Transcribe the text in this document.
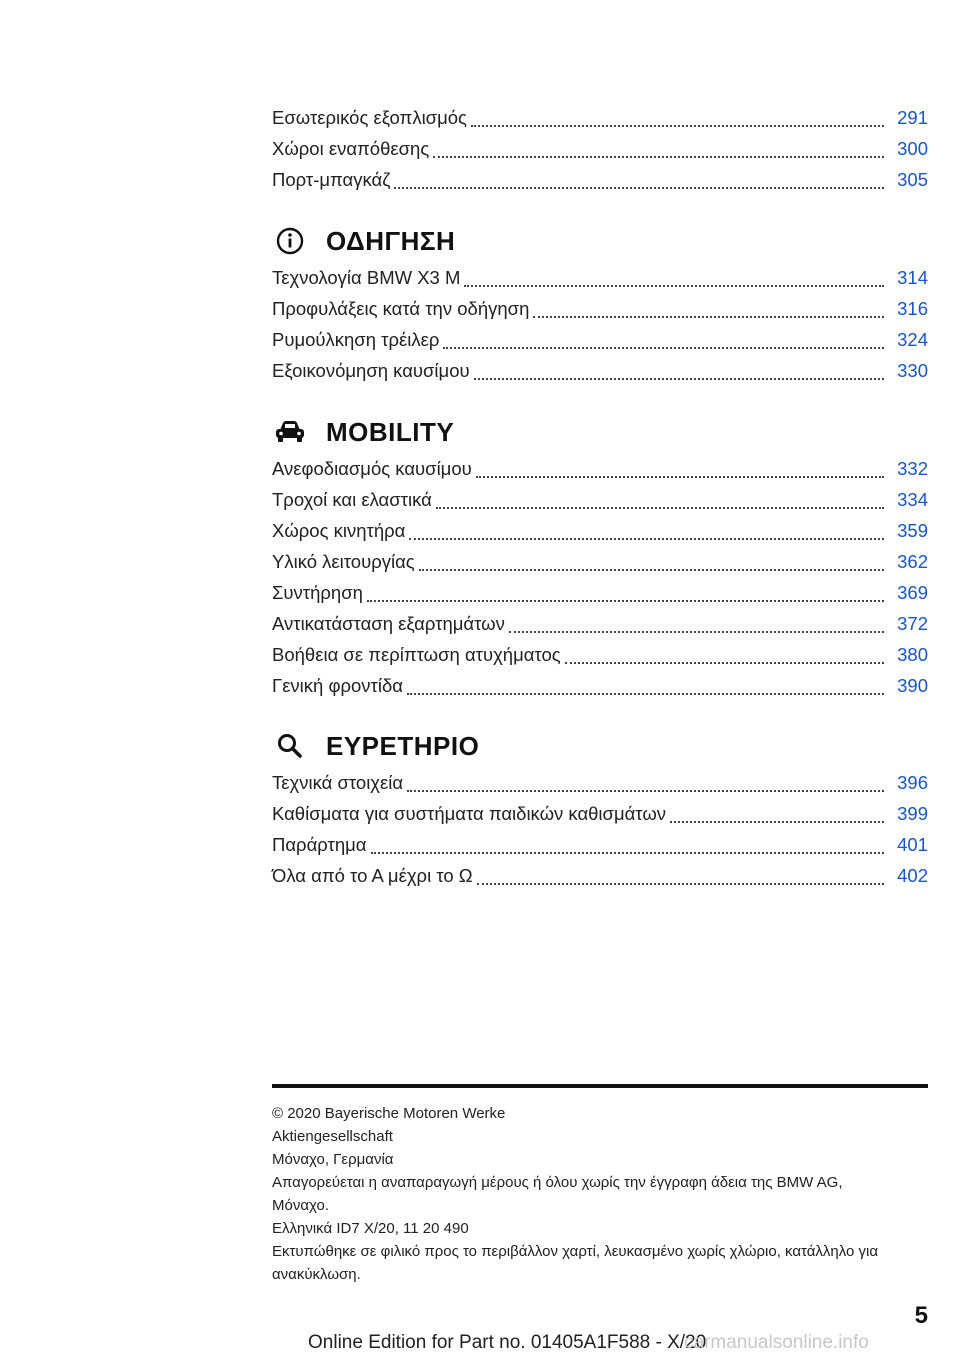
Εσωτερικός εξοπλισμός	291
Χώροι εναπόθεσης	300
Πορτ-μπαγκάζ	305
ΟΔΗΓΗΣΗ
Τεχνολογία BMW X3 M	314
Προφυλάξεις κατά την οδήγηση	316
Ρυμούλκηση τρέιλερ	324
Εξοικονόμηση καυσίμου	330
MOBILITY
Ανεφοδιασμός καυσίμου	332
Τροχοί και ελαστικά	334
Χώρος κινητήρα	359
Υλικό λειτουργίας	362
Συντήρηση	369
Αντικατάσταση εξαρτημάτων	372
Βοήθεια σε περίπτωση ατυχήματος	380
Γενική φροντίδα	390
ΕΥΡΕΤΗΡΙΟ
Τεχνικά στοιχεία	396
Καθίσματα για συστήματα παιδικών καθισμάτων	399
Παράρτημα	401
Όλα από το Α μέχρι το Ω	402
© 2020 Bayerische Motoren Werke
Aktiengesellschaft
Μόναχο, Γερμανία
Απαγορεύεται η αναπαραγωγή μέρους ή όλου χωρίς την έγγραφη άδεια της BMW AG,
Μόναχο.
Ελληνικά ID7 X/20, 11 20 490
Εκτυπώθηκε σε φιλικό προς το περιβάλλον χαρτί, λευκασμένο χωρίς χλώριο, κατάλληλο για
ανακύκλωση.
5
Online Edition for Part no. 01405A1F588 - X/20
carmanualsonline.info
